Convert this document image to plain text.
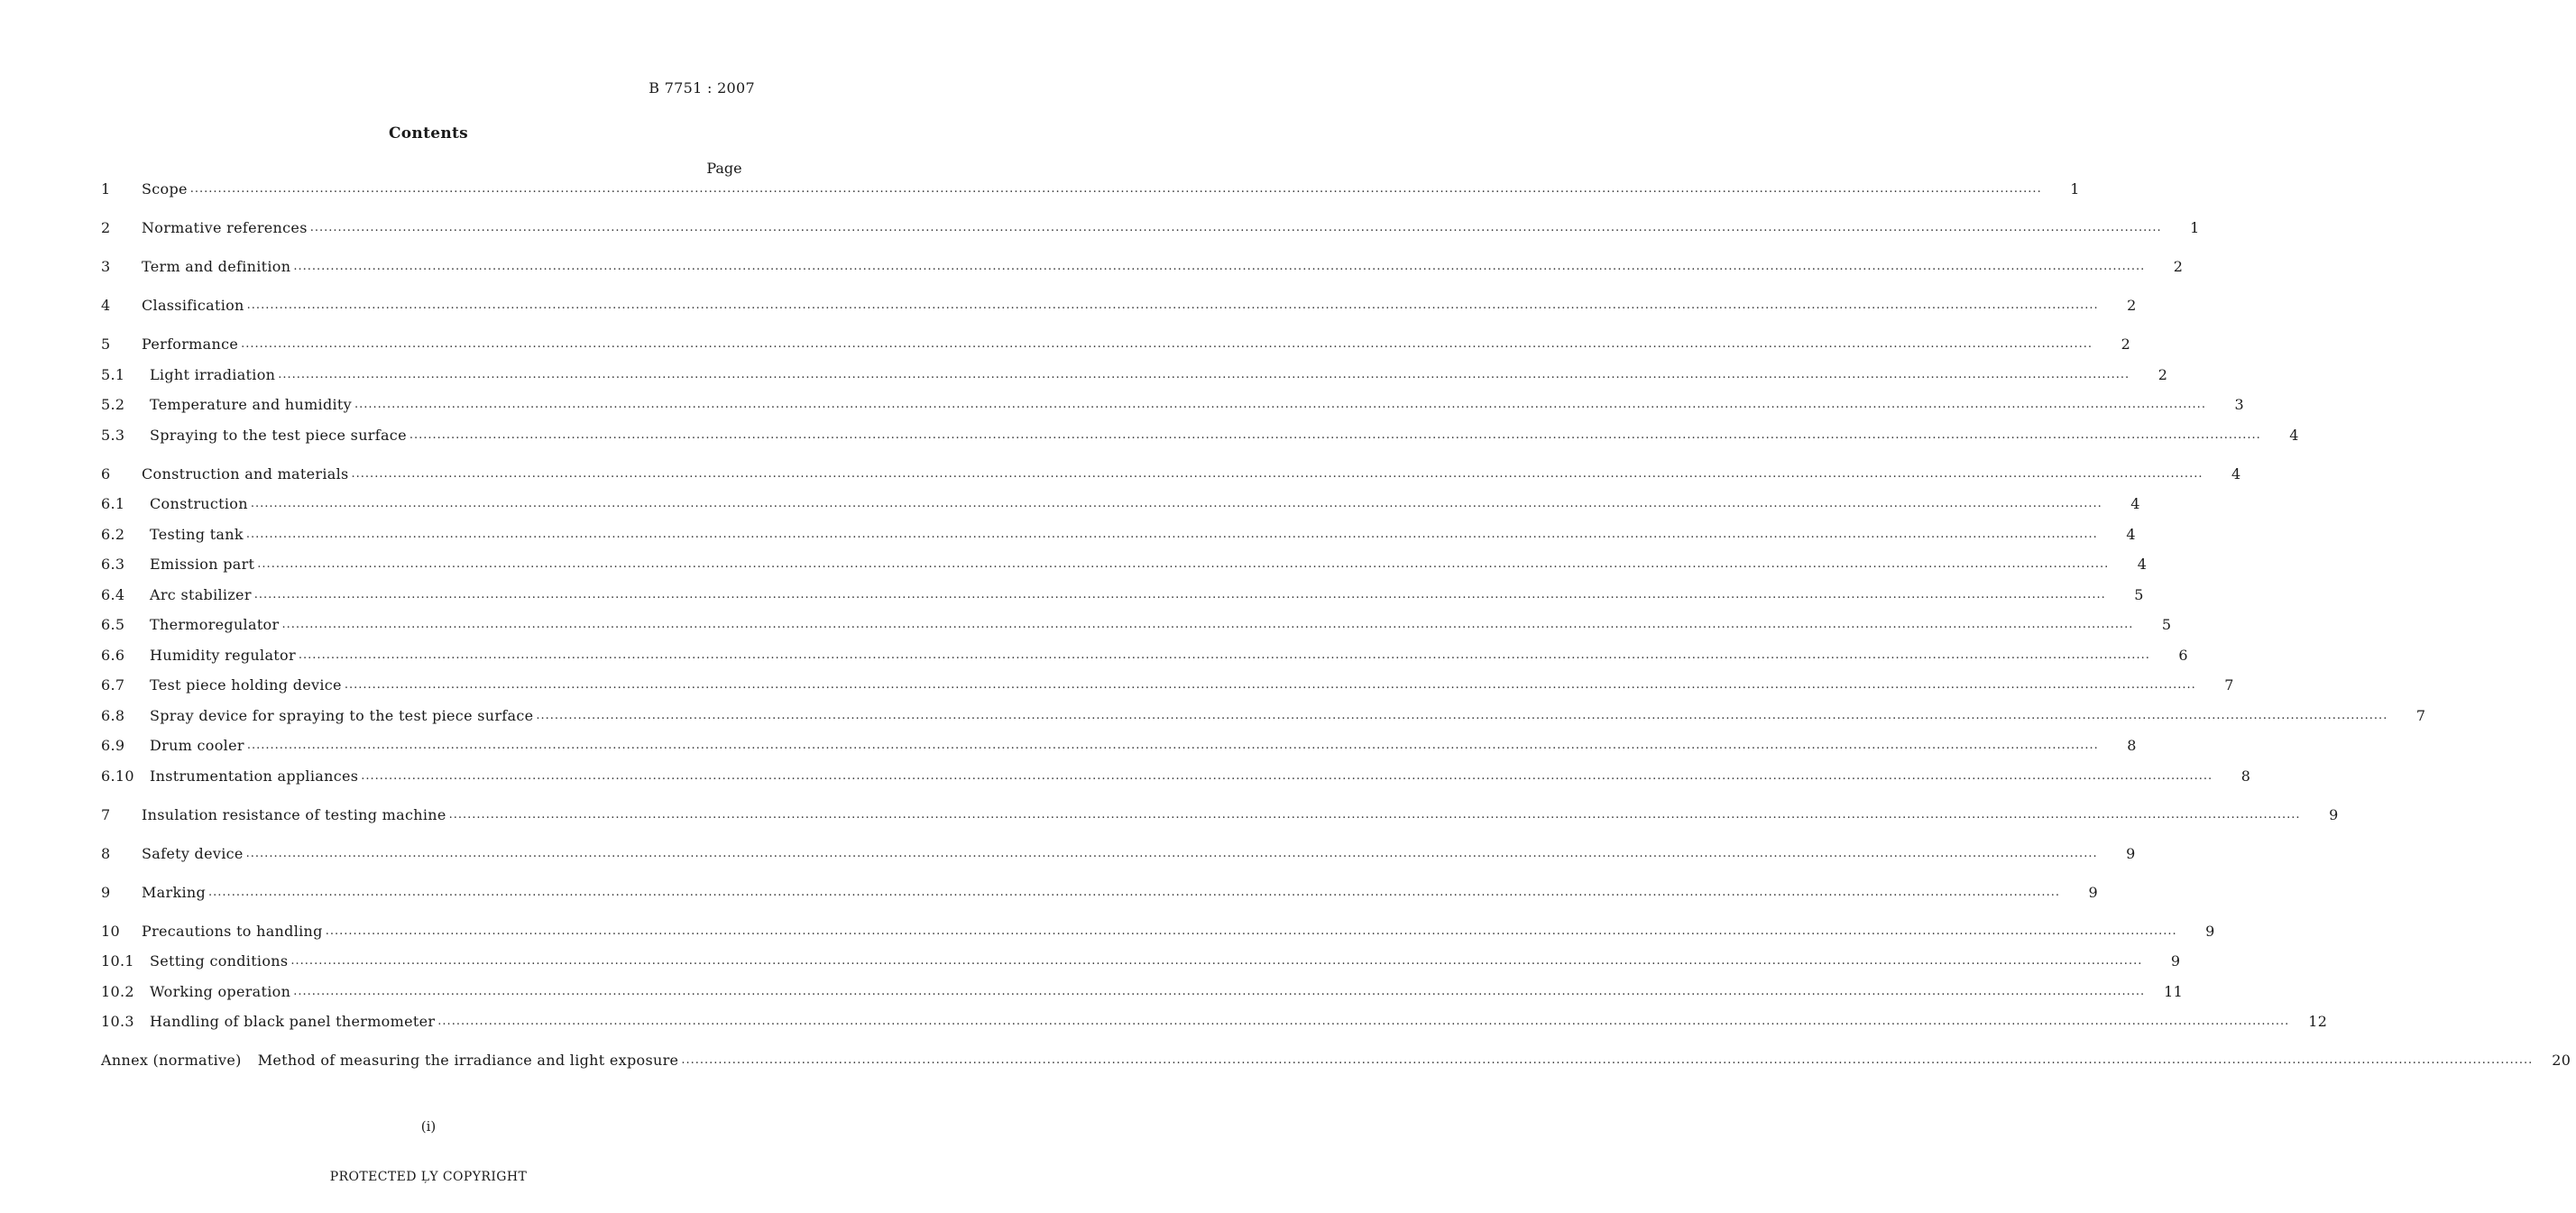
B 7751 : 2007
Contents
Page
1	Scope ................................................................................................................................................................................................................................................................................................................................................................................................................	1
2	Normative references ................................................................................................................................................................................................................................................................................................................................................................................................................	1
3	Term and definition ................................................................................................................................................................................................................................................................................................................................................................................................................	2
4	Classification ................................................................................................................................................................................................................................................................................................................................................................................................................	2
5	Performance ................................................................................................................................................................................................................................................................................................................................................................................................................	2
5.1	Light irradiation ................................................................................................................................................................................................................................................................................................................................................................................................................	2
5.2	Temperature and humidity ................................................................................................................................................................................................................................................................................................................................................................................................................	3
5.3	Spraying to the test piece surface ................................................................................................................................................................................................................................................................................................................................................................................................................	4
6	Construction and materials ................................................................................................................................................................................................................................................................................................................................................................................................................	4
6.1	Construction ................................................................................................................................................................................................................................................................................................................................................................................................................	4
6.2	Testing tank ................................................................................................................................................................................................................................................................................................................................................................................................................	4
6.3	Emission part ................................................................................................................................................................................................................................................................................................................................................................................................................	4
6.4	Arc stabilizer ................................................................................................................................................................................................................................................................................................................................................................................................................	5
6.5	Thermoregulator ................................................................................................................................................................................................................................................................................................................................................................................................................	5
6.6	Humidity regulator ................................................................................................................................................................................................................................................................................................................................................................................................................	6
6.7	Test piece holding device ................................................................................................................................................................................................................................................................................................................................................................................................................	7
6.8	Spray device for spraying to the test piece surface ................................................................................................................................................................................................................................................................................................................................................................................................................	7
6.9	Drum cooler ................................................................................................................................................................................................................................................................................................................................................................................................................	8
6.10	Instrumentation appliances ................................................................................................................................................................................................................................................................................................................................................................................................................	8
7	Insulation resistance of testing machine ................................................................................................................................................................................................................................................................................................................................................................................................................	9
8	Safety device ................................................................................................................................................................................................................................................................................................................................................................................................................	9
9	Marking ................................................................................................................................................................................................................................................................................................................................................................................................................	9
10	Precautions to handling ................................................................................................................................................................................................................................................................................................................................................................................................................	9
10.1	Setting conditions ................................................................................................................................................................................................................................................................................................................................................................................................................	9
10.2	Working operation ................................................................................................................................................................................................................................................................................................................................................................................................................	11
10.3	Handling of black panel thermometer ................................................................................................................................................................................................................................................................................................................................................................................................................	12
Annex (normative)	Method of measuring the irradiance and light exposure ................................................................................................................................................................................................................................................................................................................................................................................................................	20
(i)
PROTECTED ĻY COPYRIGHT
